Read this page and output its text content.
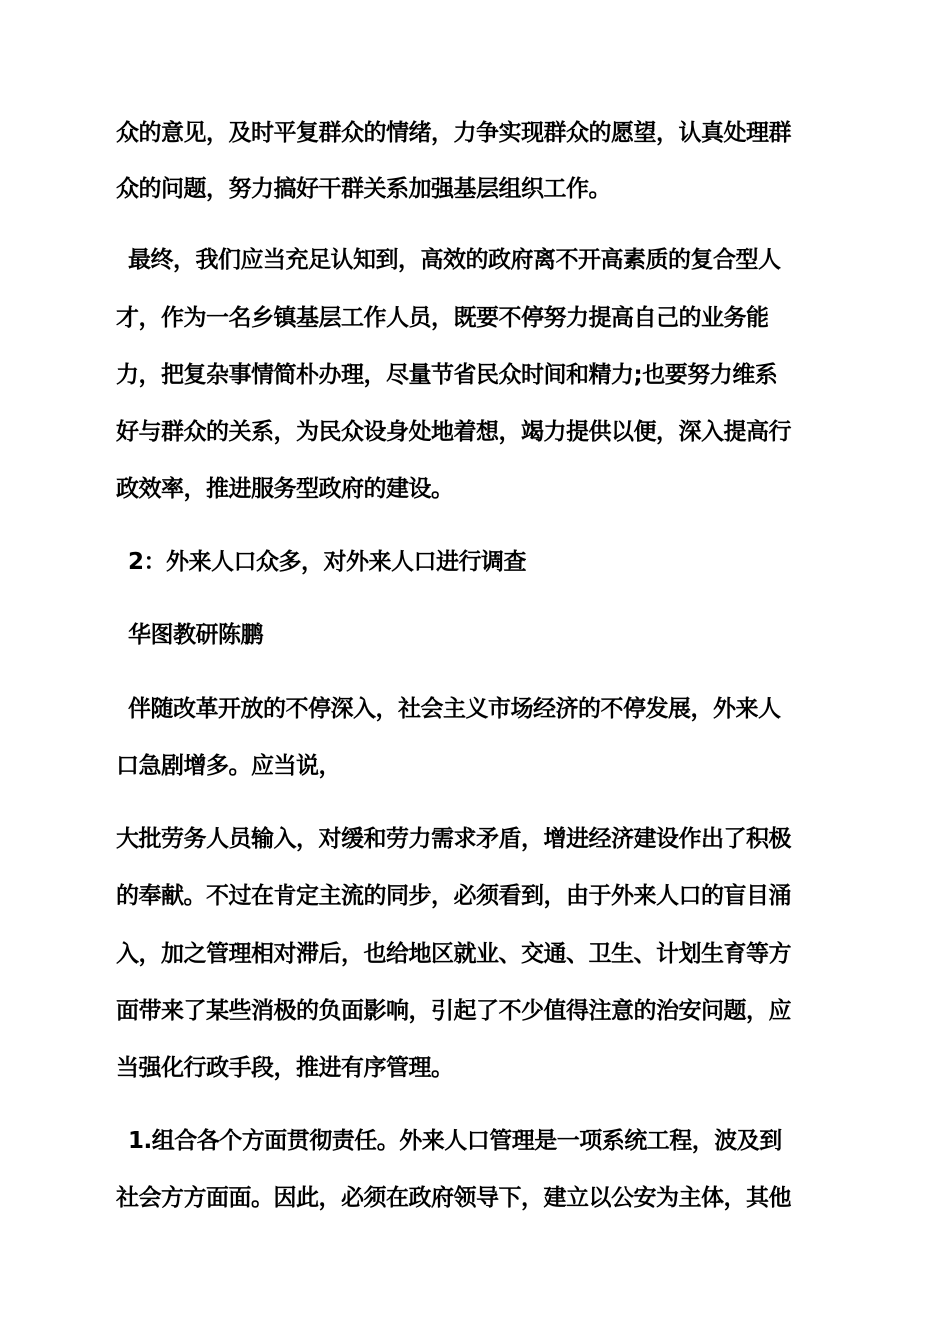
众的意见，及时平复群众的情绪，力争实现群众的愿望，认真处理群
众的问题，努力搞好干群关系加强基层组织工作。
最终，我们应当充足认知到，高效的政府离不开高素质的复合型人
才，作为一名乡镇基层工作人员，既要不停努力提高自己的业务能
力，把复杂事情简朴办理，尽量节省民众时间和精力;也要努力维系
好与群众的关系，为民众设身处地着想，竭力提供以便，深入提高行
政效率，推进服务型政府的建设。
2：外来人口众多，对外来人口进行调查
华图教研陈鹏
伴随改革开放的不停深入，社会主义市场经济的不停发展，外来人
口急剧增多。应当说，
大批劳务人员输入，对缓和劳力需求矛盾，增进经济建设作出了积极
的奉献。不过在肯定主流的同步，必须看到，由于外来人口的盲目涌
入，加之管理相对滞后，也给地区就业、交通、卫生、计划生育等方
面带来了某些消极的负面影响，引起了不少值得注意的治安问题，应
当强化行政手段，推进有序管理。
1.组合各个方面贯彻责任。外来人口管理是一项系统工程，波及到
社会方方面面。因此，必须在政府领导下，建立以公安为主体，其他
